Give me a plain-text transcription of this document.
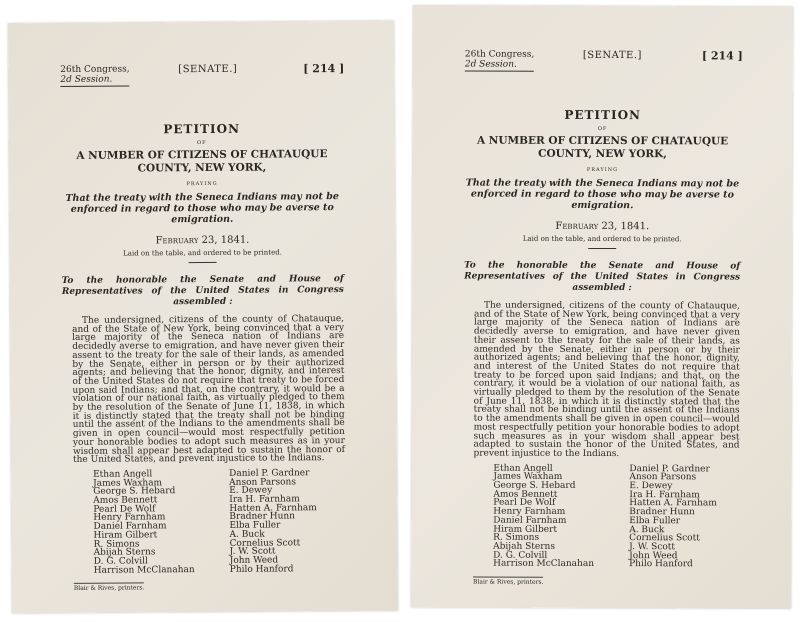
26th Congress,
2d Session.
[SENATE.]	[ 214 ]
PETITION
OF
A NUMBER OF CITIZENS OF CHATAUQUE COUNTY, NEW YORK,
PRAYING
That the treaty with the Seneca Indians may not be enforced in regard to those who may be averse to emigration.
February 23, 1841.
Laid on the table, and ordered to be printed.
To the honorable the Senate and House of Representatives of the United States in Congress assembled :
The undersigned, citizens of the county of Chatauque, and of the State of New York, being convinced that a very large majority of the Seneca nation of Indians are decidedly averse to emigration, and have never given their assent to the treaty for the sale of their lands, as amended by the Senate, either in person or by their authorized agents; and believing that the honor, dignity, and interest of the United States do not require that treaty to be forced upon said Indians; and that, on the contrary, it would be a violation of our national faith, as virtually pledged to them by the resolution of the Senate of June 11, 1838, in which it is distinctly stated that the treaty shall not be binding until the assent of the Indians to the amendments shall be given in open council—would most respectfully petition your honorable bodies to adopt such measures as in your wisdom shall appear best adapted to sustain the honor of the United States, and prevent injustice to the Indians.
Ethan Angell
James Waxham
George S. Hebard
Amos Bennett
Pearl De Wolf
Henry Farnham
Daniel Farnham
Hiram Gilbert
R. Simons
Abijah Sterns
D. G. Colvill
Harrison McClanahan
Daniel P. Gardner
Anson Parsons
E. Dewey
Ira H. Farnham
Hatten A. Farnham
Bradner Hunn
Elba Fuller
A. Buck
Cornelius Scott
J. W. Scott
John Weed
Philo Hanford
Blair & Rives, printers.
26th Congress,
2d Session.
[SENATE.]	[ 214 ]
PETITION
OF
A NUMBER OF CITIZENS OF CHATAUQUE COUNTY, NEW YORK,
PRAYING
That the treaty with the Seneca Indians may not be enforced in regard to those who may be averse to emigration.
February 23, 1841.
Laid on the table, and ordered to be printed.
To the honorable the Senate and House of Representatives of the United States in Congress assembled :
The undersigned, citizens of the county of Chatauque, and of the State of New York, being convinced that a very large majority of the Seneca nation of Indians are decidedly averse to emigration, and have never given their assent to the treaty for the sale of their lands, as amended by the Senate, either in person or by their authorized agents; and believing that the honor, dignity, and interest of the United States do not require that treaty to be forced upon said Indians; and that, on the contrary, it would be a violation of our national faith, as virtually pledged to them by the resolution of the Senate of June 11, 1838, in which it is distinctly stated that the treaty shall not be binding until the assent of the Indians to the amendments shall be given in open council—would most respectfully petition your honorable bodies to adopt such measures as in your wisdom shall appear best adapted to sustain the honor of the United States, and prevent injustice to the Indians.
Ethan Angell
James Waxham
George S. Hebard
Amos Bennett
Pearl De Wolf
Henry Farnham
Daniel Farnham
Hiram Gilbert
R. Simons
Abijah Sterns
D. G. Colvill
Harrison McClanahan
Daniel P. Gardner
Anson Parsons
E. Dewey
Ira H. Farnham
Hatten A. Farnham
Bradner Hunn
Elba Fuller
A. Buck
Cornelius Scott
J. W. Scott
John Weed
Philo Hanford
Blair & Rives, printers.
